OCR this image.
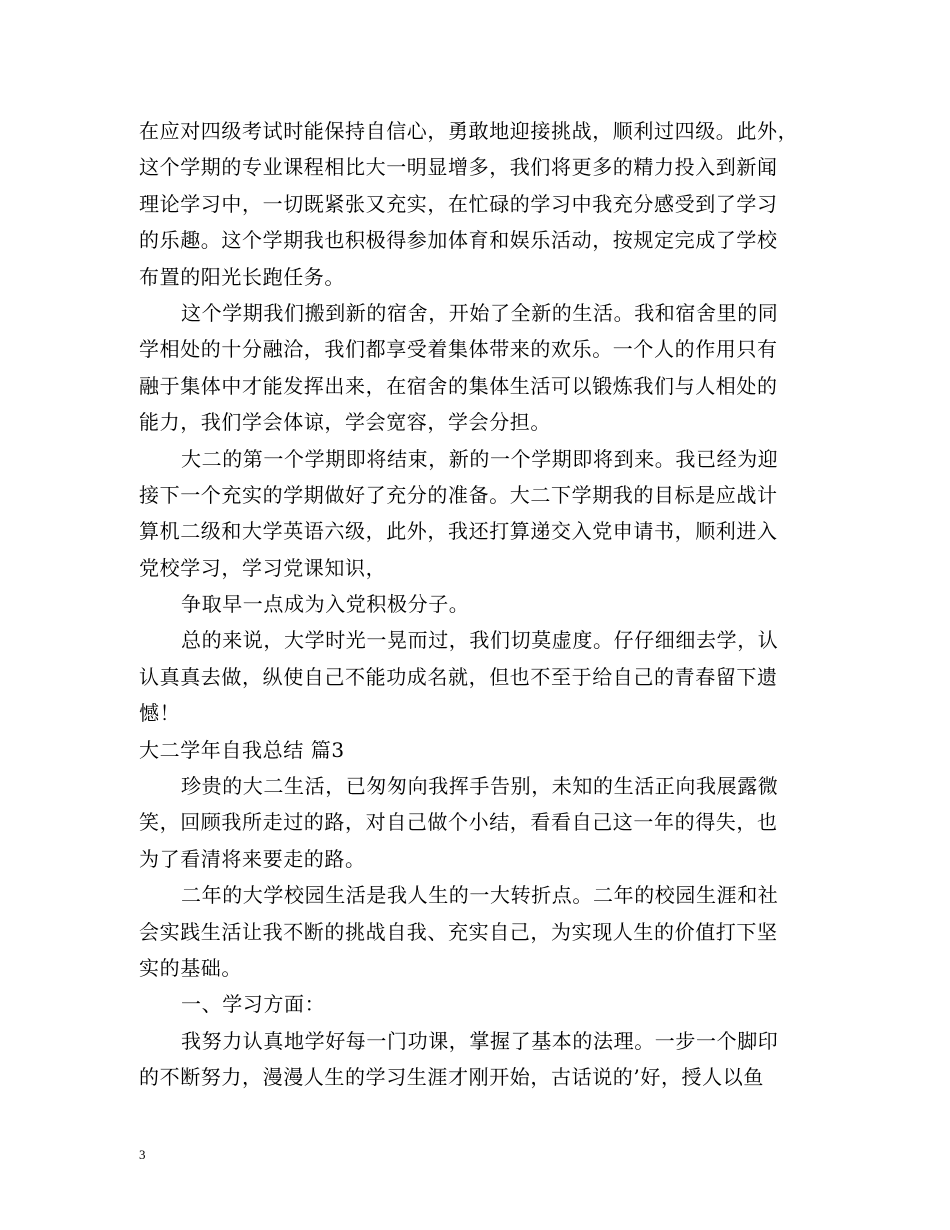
在应对四级考试时能保持自信心，勇敢地迎接挑战，顺利过四级。此外，
这个学期的专业课程相比大一明显增多，我们将更多的精力投入到新闻
理论学习中，一切既紧张又充实，在忙碌的学习中我充分感受到了学习
的乐趣。这个学期我也积极得参加体育和娱乐活动，按规定完成了学校
布置的阳光长跑任务。
这个学期我们搬到新的宿舍，开始了全新的生活。我和宿舍里的同
学相处的十分融洽，我们都享受着集体带来的欢乐。一个人的作用只有
融于集体中才能发挥出来，在宿舍的集体生活可以锻炼我们与人相处的
能力，我们学会体谅，学会宽容，学会分担。
大二的第一个学期即将结束，新的一个学期即将到来。我已经为迎
接下一个充实的学期做好了充分的准备。大二下学期我的目标是应战计
算机二级和大学英语六级，此外，我还打算递交入党申请书，顺利进入
党校学习，学习党课知识，
争取早一点成为入党积极分子。
总的来说，大学时光一晃而过，我们切莫虚度。仔仔细细去学，认
认真真去做，纵使自己不能功成名就，但也不至于给自己的青春留下遗
憾！
大二学年自我总结 篇3
珍贵的大二生活，已匆匆向我挥手告别，未知的生活正向我展露微
笑，回顾我所走过的路，对自己做个小结，看看自己这一年的得失，也
为了看清将来要走的路。
二年的大学校园生活是我人生的一大转折点。二年的校园生涯和社
会实践生活让我不断的挑战自我、充实自己，为实现人生的价值打下坚
实的基础。
一、学习方面：
我努力认真地学好每一门功课，掌握了基本的法理。一步一个脚印
的不断努力，漫漫人生的学习生涯才刚开始，古话说的’好，授人以鱼
3
